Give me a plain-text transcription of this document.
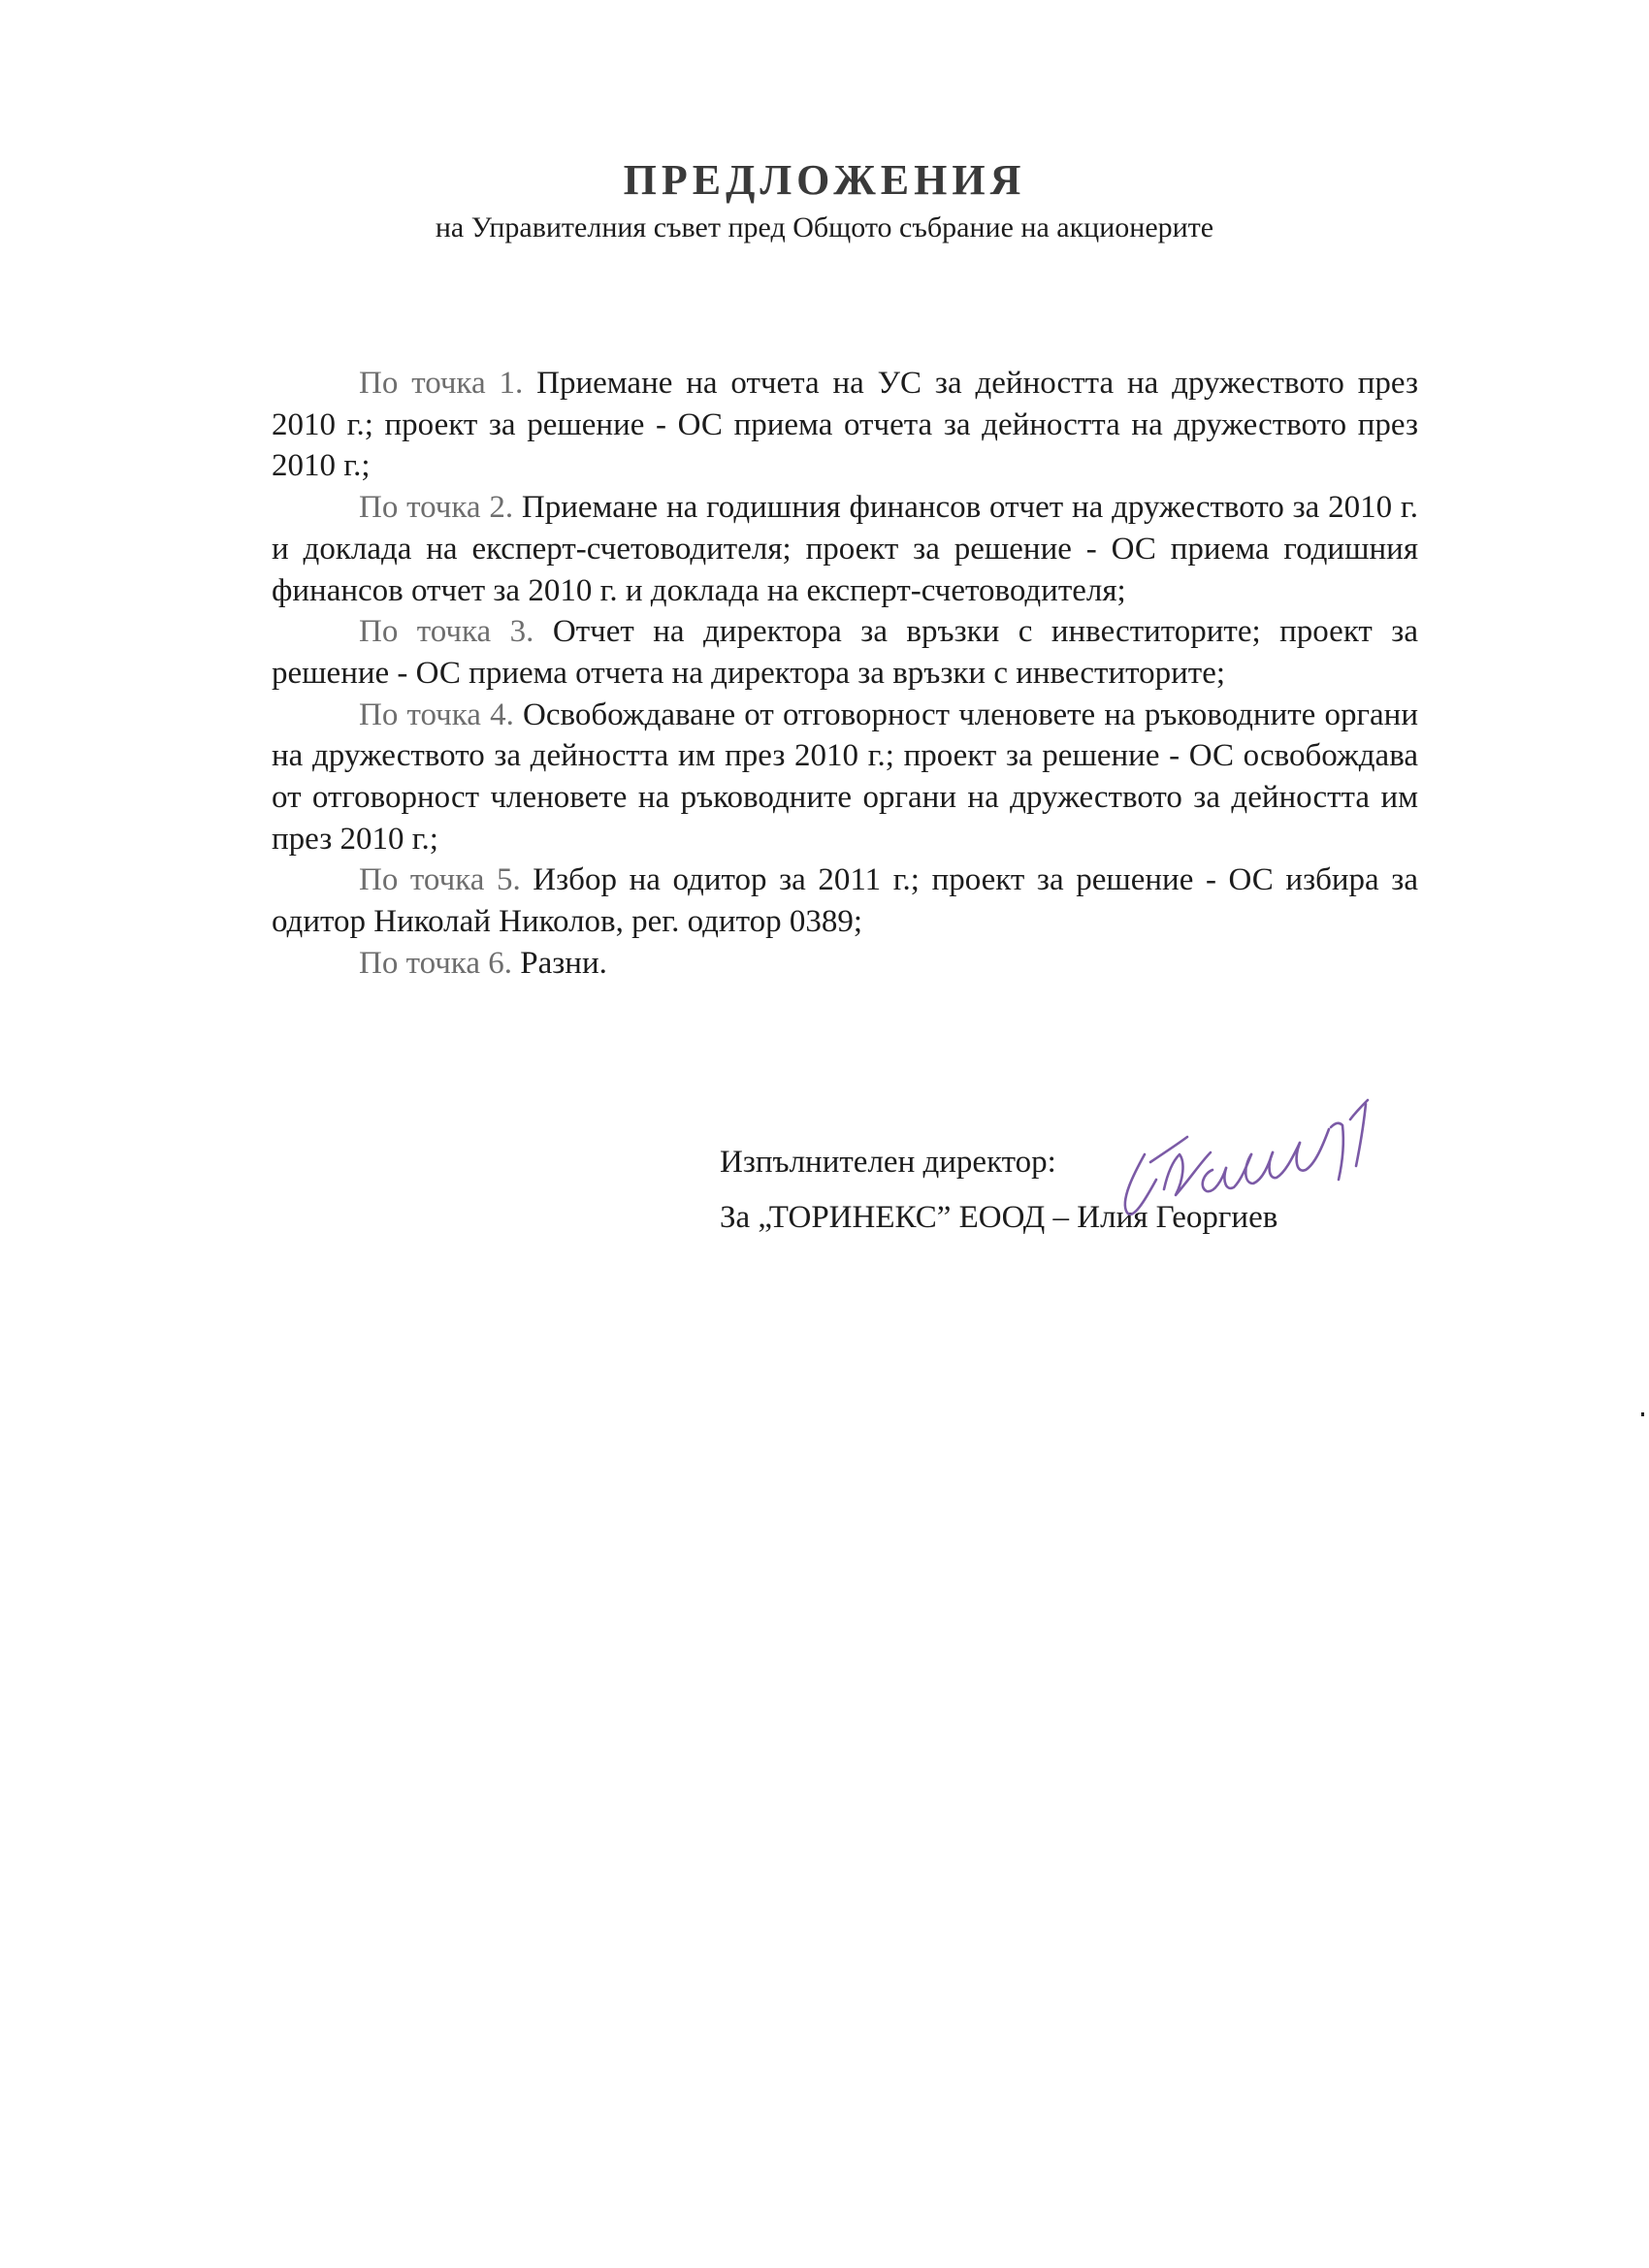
ПРЕДЛОЖЕНИЯ
на Управителния съвет пред Общото събрание на акционерите

По точка 1. Приемане на отчета на УС за дейността на дружеството през 2010 г.; проект за решение - ОС приема отчета за дейността на дружеството през 2010 г.;

По точка 2. Приемане на годишния финансов отчет на дружеството за 2010 г. и доклада на експерт-счетоводителя; проект за решение - ОС приема годишния финансов отчет за 2010 г. и доклада на експерт-счетоводителя;

По точка 3. Отчет на директора за връзки с инвеститорите; проект за решение - ОС приема отчета на директора за връзки с инвеститорите;

По точка 4. Освобождаване от отговорност членовете на ръководните органи на дружеството за дейността им през 2010 г.; проект за решение - ОС освобождава от отговорност членовете на ръководните органи на дружеството за дейността им през 2010 г.;

По точка 5. Избор на одитор за 2011 г.; проект за решение - ОС избира за одитор Николай Николов, рег. одитор 0389;

По точка 6. Разни.

Изпълнителен директор:
За „ТОРИНЕКС” ЕООД – Илия Георгиев
